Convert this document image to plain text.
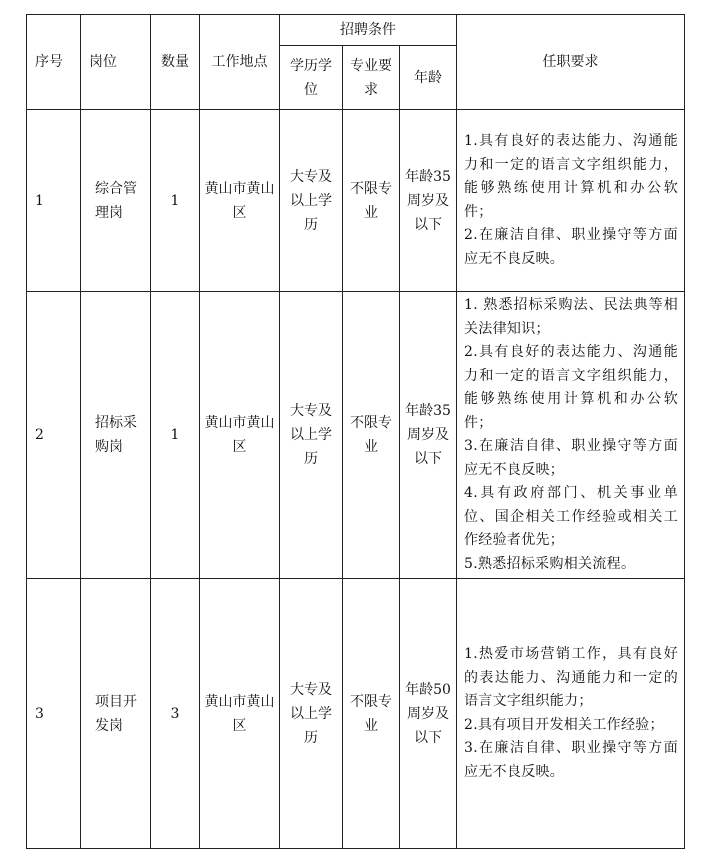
序号	岗位	数量	工作地点	招聘条件			任职要求
				学历学位	专业要求	年龄	
1	综合管理岗	1	黄山市黄山区	大专及以上学历	不限专业	年龄35周岁及以下	1.具有良好的表达能力、沟通能力和一定的语言文字组织能力，能够熟练使用计算机和办公软件；
2.在廉洁自律、职业操守等方面应无不良反映。

2	招标采购岗	1	黄山市黄山区	大专及以上学历	不限专业	年龄35周岁及以下	1. 熟悉招标采购法、民法典等相关法律知识；
2.具有良好的表达能力、沟通能力和一定的语言文字组织能力，能够熟练使用计算机和办公软件；
3.在廉洁自律、职业操守等方面应无不良反映；
4.具有政府部门、机关事业单位、国企相关工作经验或相关工作经验者优先；
5.熟悉招标采购相关流程。

3	项目开发岗	3	黄山市黄山区	大专及以上学历	不限专业	年龄50周岁及以下	1.热爱市场营销工作，具有良好的表达能力、沟通能力和一定的语言文字组织能力；
2.具有项目开发相关工作经验；
3.在廉洁自律、职业操守等方面应无不良反映。
